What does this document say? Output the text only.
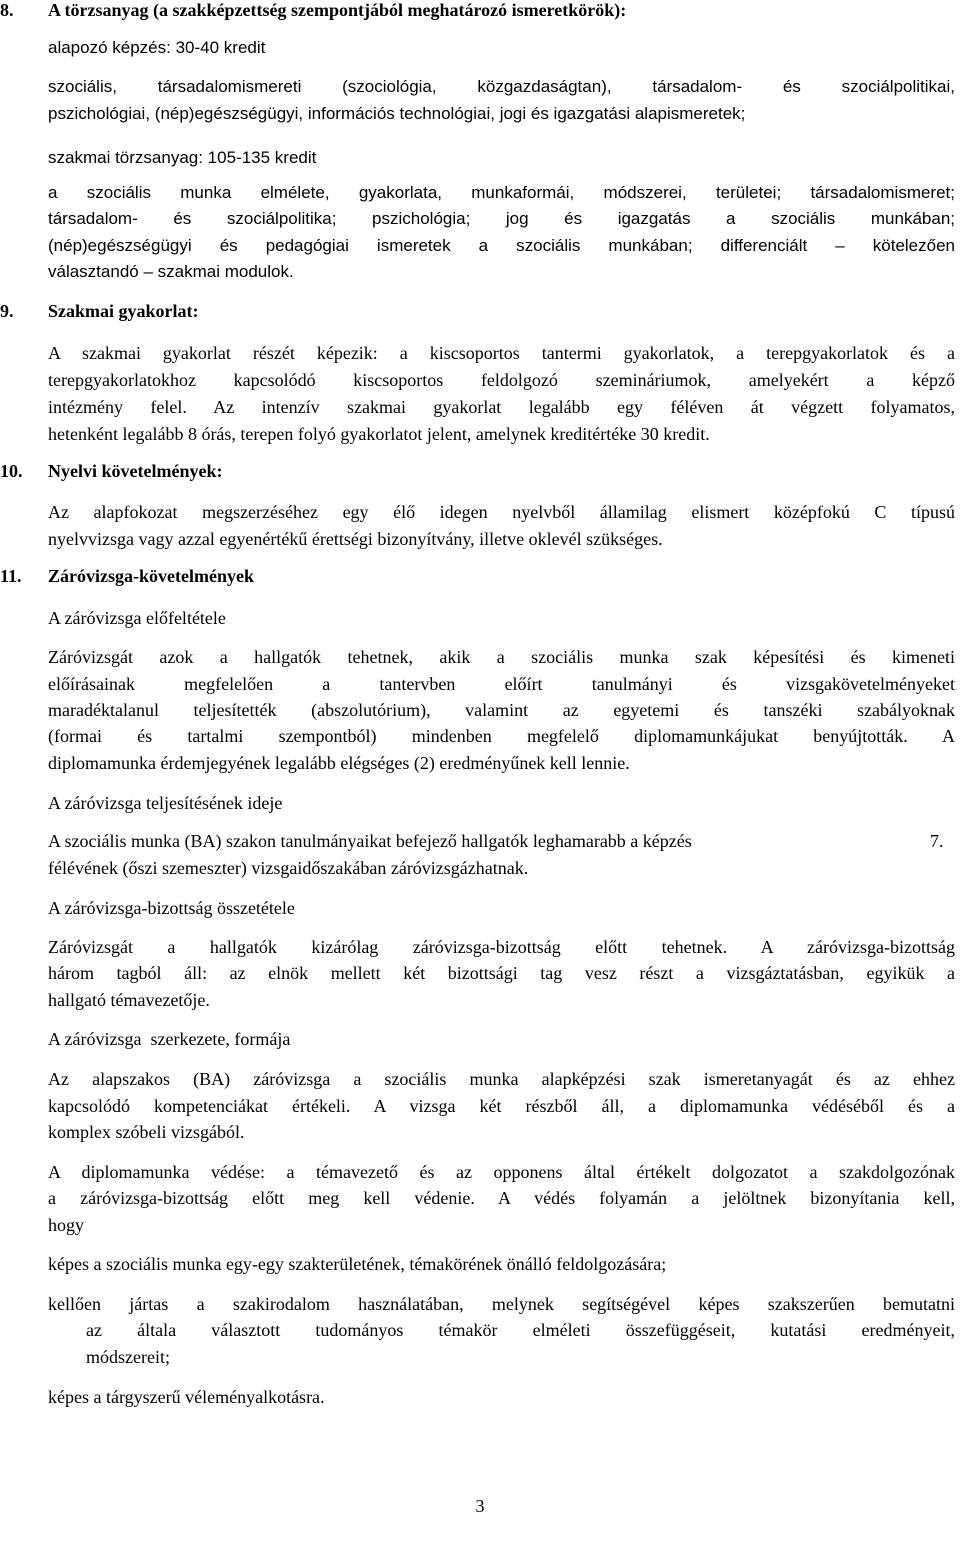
8. A törzsanyag (a szakképzettség szempontjából meghatározó ismeretkörök):
alapozó képzés: 30-40 kredit
szociális, társadalomismereti (szociológia, közgazdaságtan), társadalom- és szociálpolitikai,
pszichológiai, (nép)egészségügyi, információs technológiai, jogi és igazgatási alapismeretek;
szakmai törzsanyag: 105-135 kredit
a szociális munka elmélete, gyakorlata, munkaformái, módszerei, területei; társadalomismeret;
társadalom- és szociálpolitika; pszichológia; jog és igazgatás a szociális munkában;
(nép)egészségügyi és pedagógiai ismeretek a szociális munkában; differenciált – kötelezően
választandó – szakmai modulok.
9. Szakmai gyakorlat:
A szakmai gyakorlat részét képezik: a kiscsoportos tantermi gyakorlatok, a terepgyakorlatok és a
terepgyakorlatokhoz kapcsolódó kiscsoportos feldolgozó szemináriumok, amelyekért a képző
intézmény felel. Az intenzív szakmai gyakorlat legalább egy féléven át végzett folyamatos,
hetenként legalább 8 órás, terepen folyó gyakorlatot jelent, amelynek kreditértéke 30 kredit.
10. Nyelvi követelmények:
Az alapfokozat megszerzéséhez egy élő idegen nyelvből államilag elismert középfokú C típusú
nyelvvizsga vagy azzal egyenértékű érettségi bizonyítvány, illetve oklevél szükséges.
11. Záróvizsga-követelmények
A záróvizsga előfeltétele
Záróvizsgát azok a hallgatók tehetnek, akik a szociális munka szak képesítési és kimeneti
előírásainak megfelelően a tantervben előírt tanulmányi és vizsgakövetelményeket
maradéktalanul teljesítették (abszolutórium), valamint az egyetemi és tanszéki szabályoknak
(formai és tartalmi szempontból) mindenben megfelelő diplomamunkájukat benyújtották. A
diplomamunka érdemjegyének legalább elégséges (2) eredményűnek kell lennie.
A záróvizsga teljesítésének ideje
A szociális munka (BA) szakon tanulmányaikat befejező hallgatók leghamarabb a képzés	7.
félévének (őszi szemeszter) vizsgaidőszakában záróvizsgázhatnak.
A záróvizsga-bizottság összetétele
Záróvizsgát a hallgatók kizárólag záróvizsga-bizottság előtt tehetnek. A záróvizsga-bizottság
három tagból áll: az elnök mellett két bizottsági tag vesz részt a vizsgáztatásban, egyikük a
hallgató témavezetője.
A záróvizsga  szerkezete, formája
Az alapszakos (BA) záróvizsga a szociális munka alapképzési szak ismeretanyagát és az ehhez
kapcsolódó kompetenciákat értékeli. A vizsga két részből áll, a diplomamunka védéséből és a
komplex szóbeli vizsgából.
A diplomamunka védése: a témavezető és az opponens által értékelt dolgozatot a szakdolgozónak
a záróvizsga-bizottság előtt meg kell védenie. A védés folyamán a jelöltnek bizonyítania kell,
hogy
képes a szociális munka egy-egy szakterületének, témakörének önálló feldolgozására;
kellően jártas a szakirodalom használatában, melynek segítségével képes szakszerűen bemutatni
az általa választott tudományos témakör elméleti összefüggéseit, kutatási eredményeit,
módszereit;
képes a tárgyszerű véleményalkotásra.
3
